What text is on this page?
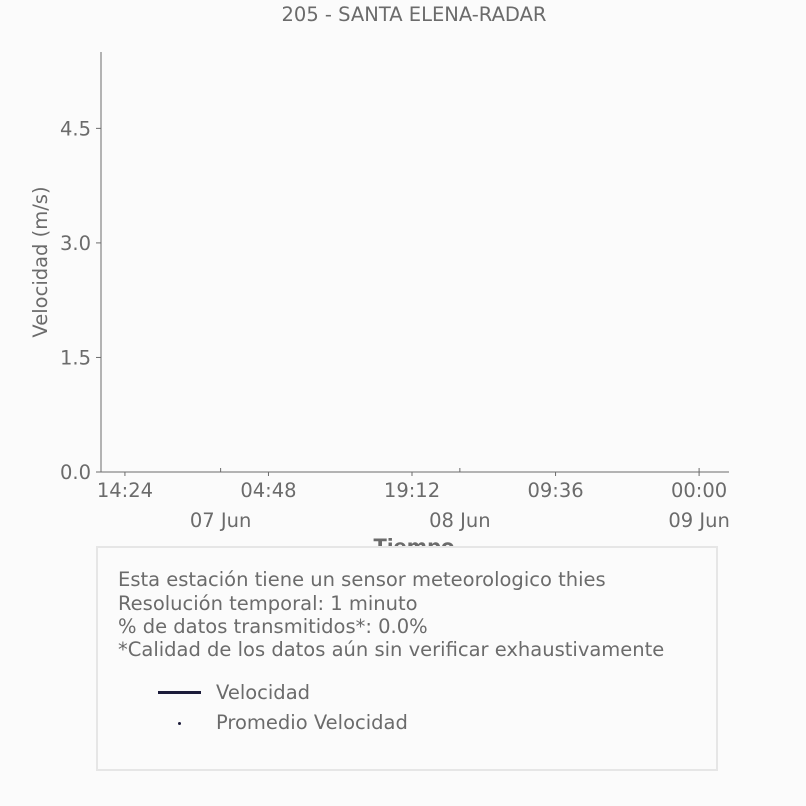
205 - SANTA ELENA-RADAR
Velocidad (m/s)
0.0
1.5
3.0
4.5
14:24	04:48	19:12	09:36	00:00
07 Jun	08 Jun	09 Jun
Esta estación tiene un sensor meteorologico thies
Resolución temporal: 1 minuto
% de datos transmitidos*: 0.0%
*Calidad de los datos aún sin verificar exhaustivamente
Velocidad
Promedio Velocidad
